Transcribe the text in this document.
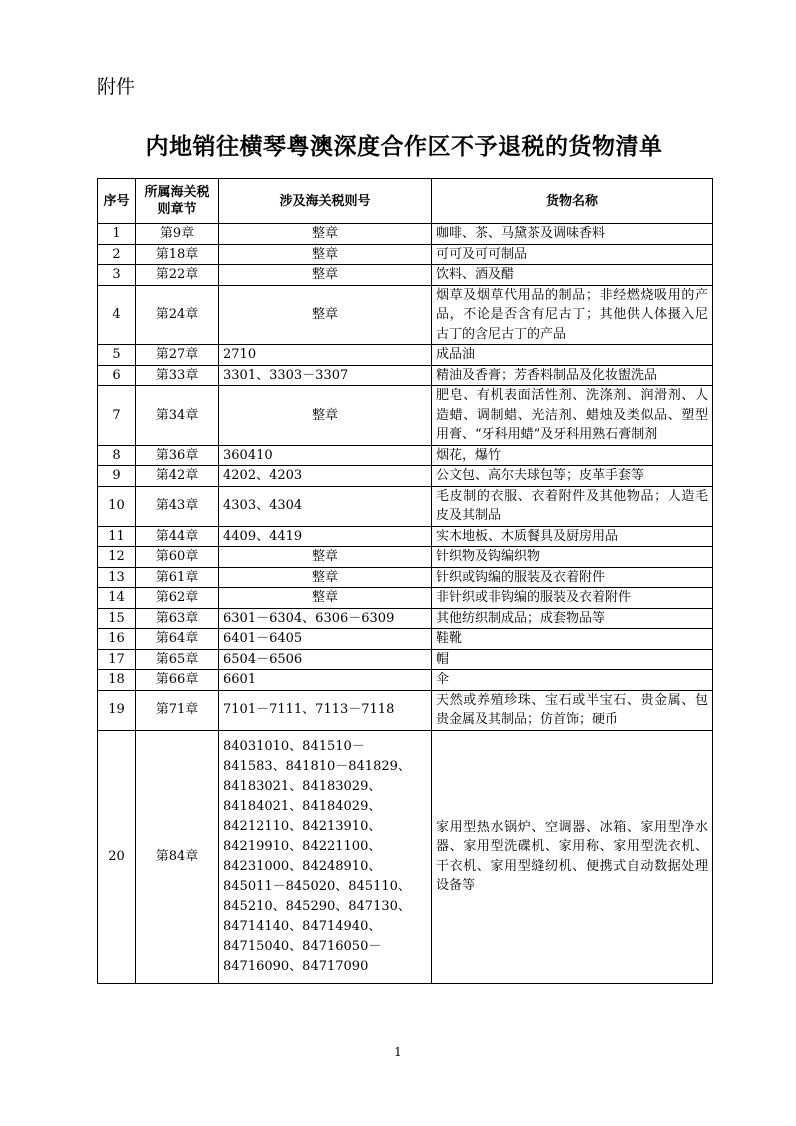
附件
内地销往横琴粤澳深度合作区不予退税的货物清单
序号	所属海关税则章节	涉及海关税则号	货物名称
1	第9章	整章	咖啡、茶、马黛茶及调味香料
2	第18章	整章	可可及可可制品
3	第22章	整章	饮料、酒及醋
4	第24章	整章	烟草及烟草代用品的制品；非经燃烧吸用的产品，不论是否含有尼古丁；其他供人体摄入尼古丁的含尼古丁的产品
5	第27章	2710	成品油
6	第33章	3301、3303－3307	精油及香膏；芳香料制品及化妆盥洗品
7	第34章	整章	肥皂、有机表面活性剂、洗涤剂、润滑剂、人造蜡、调制蜡、光洁剂、蜡烛及类似品、塑型用膏、“牙科用蜡”及牙科用熟石膏制剂
8	第36章	360410	烟花，爆竹
9	第42章	4202、4203	公文包、高尔夫球包等；皮革手套等
10	第43章	4303、4304	毛皮制的衣服、衣着附件及其他物品；人造毛皮及其制品
11	第44章	4409、4419	实木地板、木质餐具及厨房用品
12	第60章	整章	针织物及钩编织物
13	第61章	整章	针织或钩编的服装及衣着附件
14	第62章	整章	非针织或非钩编的服装及衣着附件
15	第63章	6301－6304、6306－6309	其他纺织制成品；成套物品等
16	第64章	6401－6405	鞋靴
17	第65章	6504－6506	帽
18	第66章	6601	伞
19	第71章	7101－7111、7113－7118	天然或养殖珍珠、宝石或半宝石、贵金属、包贵金属及其制品；仿首饰；硬币
20	第84章	84031010、841510－841583、841810－841829、84183021、84183029、84184021、84184029、84212110、84213910、84219910、84221100、84231000、84248910、845011－845020、845110、845210、845290、847130、84714140、84714940、84715040、84716050－84716090、84717090	家用型热水锅炉、空调器、冰箱、家用型净水器、家用型洗碟机、家用称、家用型洗衣机、干衣机、家用型缝纫机、便携式自动数据处理设备等
1
